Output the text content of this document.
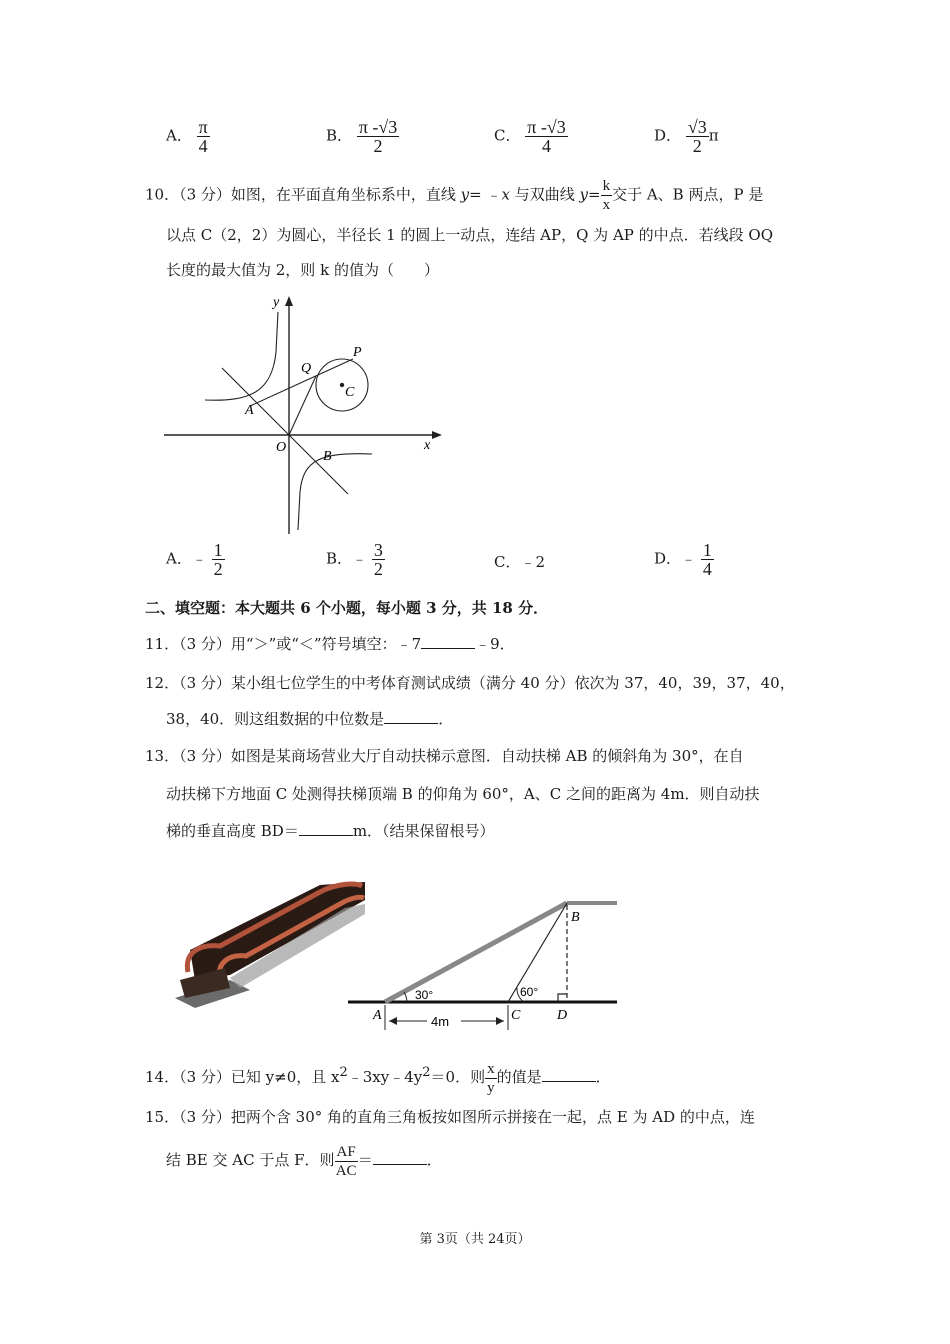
A． $\frac{\pi}{4}$	B． $\frac{\pi -√3}{2}$	C． $\frac{\pi -√3}{4}$	D． $\frac{√3}{2}$ π
10．（3 分）如图，在平面直角坐标系中，直线 y= ﹣x 与双曲线 $y= \frac{k}{x}$ 交于 A、B 两点，P 是
以点 C（2，2）为圆心，半径长 1 的圆上一动点，连结 AP，Q 为 AP 的中点．若线段 OQ
长度的最大值为 2，则 k 的值为（　　）
y
x
O
A
B
P
Q
C
A．﹣ $\frac{1}{2}$	B．﹣ $\frac{3}{2}$	C．﹣2	D．﹣ $\frac{1}{4}$
二、填空题：本大题共 6 个小题，每小题 3 分，共 18 分．
11．（3 分）用“＞”或“＜”符号填空：﹣7	﹣9．
12．（3 分）某小组七位学生的中考体育测试成绩（满分 40 分）依次为 37，40，39，37，40，
38，40．则这组数据的中位数是	．
13．（3 分）如图是某商场营业大厅自动扶梯示意图．自动扶梯 AB 的倾斜角为 30°，在自
动扶梯下方地面 C 处测得扶梯顶端 B 的仰角为 60°，A、C 之间的距离为 4m．则自动扶
梯的垂直高度 BD＝	m．（结果保留根号）
4m
30°	60°
A	C	D
B
14．（3 分）已知 y≠0，且 $x^2﹣3xy﹣4y^2=0$．则 $\frac{x}{y}$ 的值是	．
15．（3 分）把两个含 30° 角的直角三角板按如图所示拼接在一起，点 E 为 AD 的中点，连
结 BE 交 AC 于点 F．则 $\frac{AF}{AC}$ ＝	．
第 3页（共 24页）
